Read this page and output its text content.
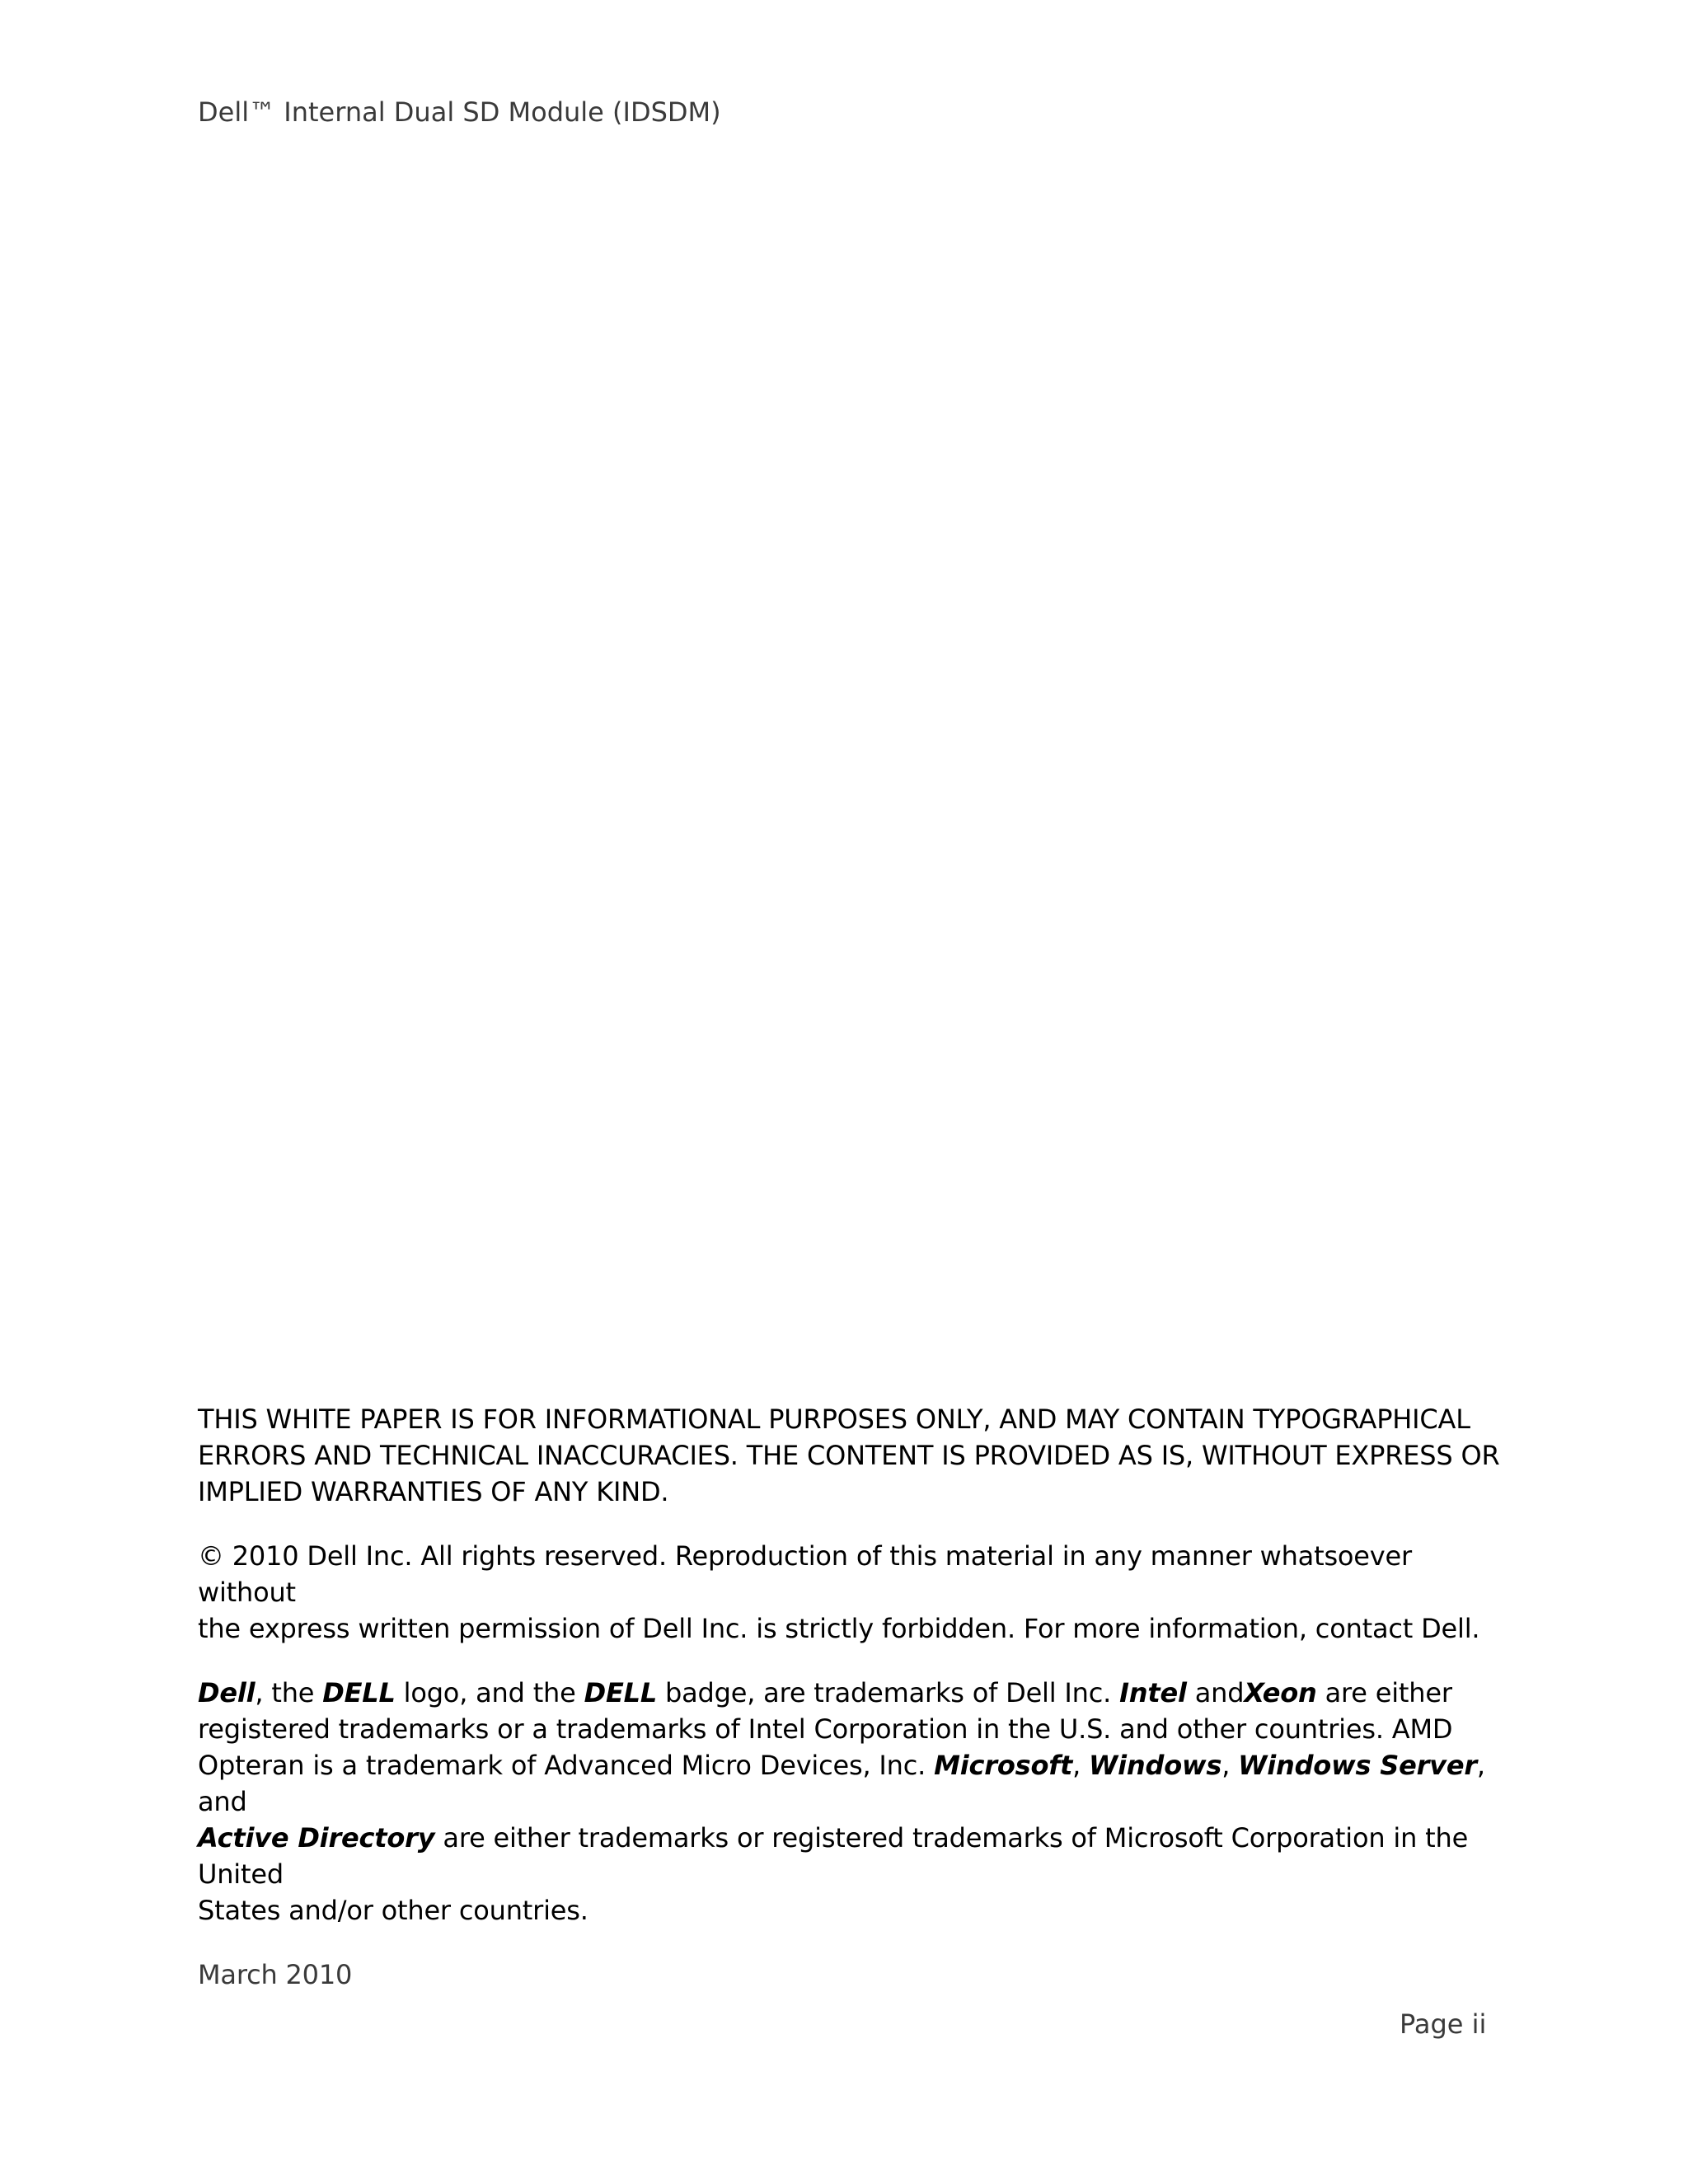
Dell™ Internal Dual SD Module (IDSDM)

THIS WHITE PAPER IS FOR INFORMATIONAL PURPOSES ONLY, AND MAY CONTAIN TYPOGRAPHICAL
ERRORS AND TECHNICAL INACCURACIES. THE CONTENT IS PROVIDED AS IS, WITHOUT EXPRESS OR
IMPLIED WARRANTIES OF ANY KIND.

© 2010 Dell Inc. All rights reserved. Reproduction of this material in any manner whatsoever without
the express written permission of Dell Inc. is strictly forbidden. For more information, contact Dell.

Dell, the DELL logo, and the DELL badge, are trademarks of Dell Inc. Intel andXeon are either
registered trademarks or a trademarks of Intel Corporation in the U.S. and other countries. AMD
Opteran is a trademark of Advanced Micro Devices, Inc. Microsoft, Windows, Windows Server, and
Active Directory are either trademarks or registered trademarks of Microsoft Corporation in the United
States and/or other countries.

March 2010

Page ii
